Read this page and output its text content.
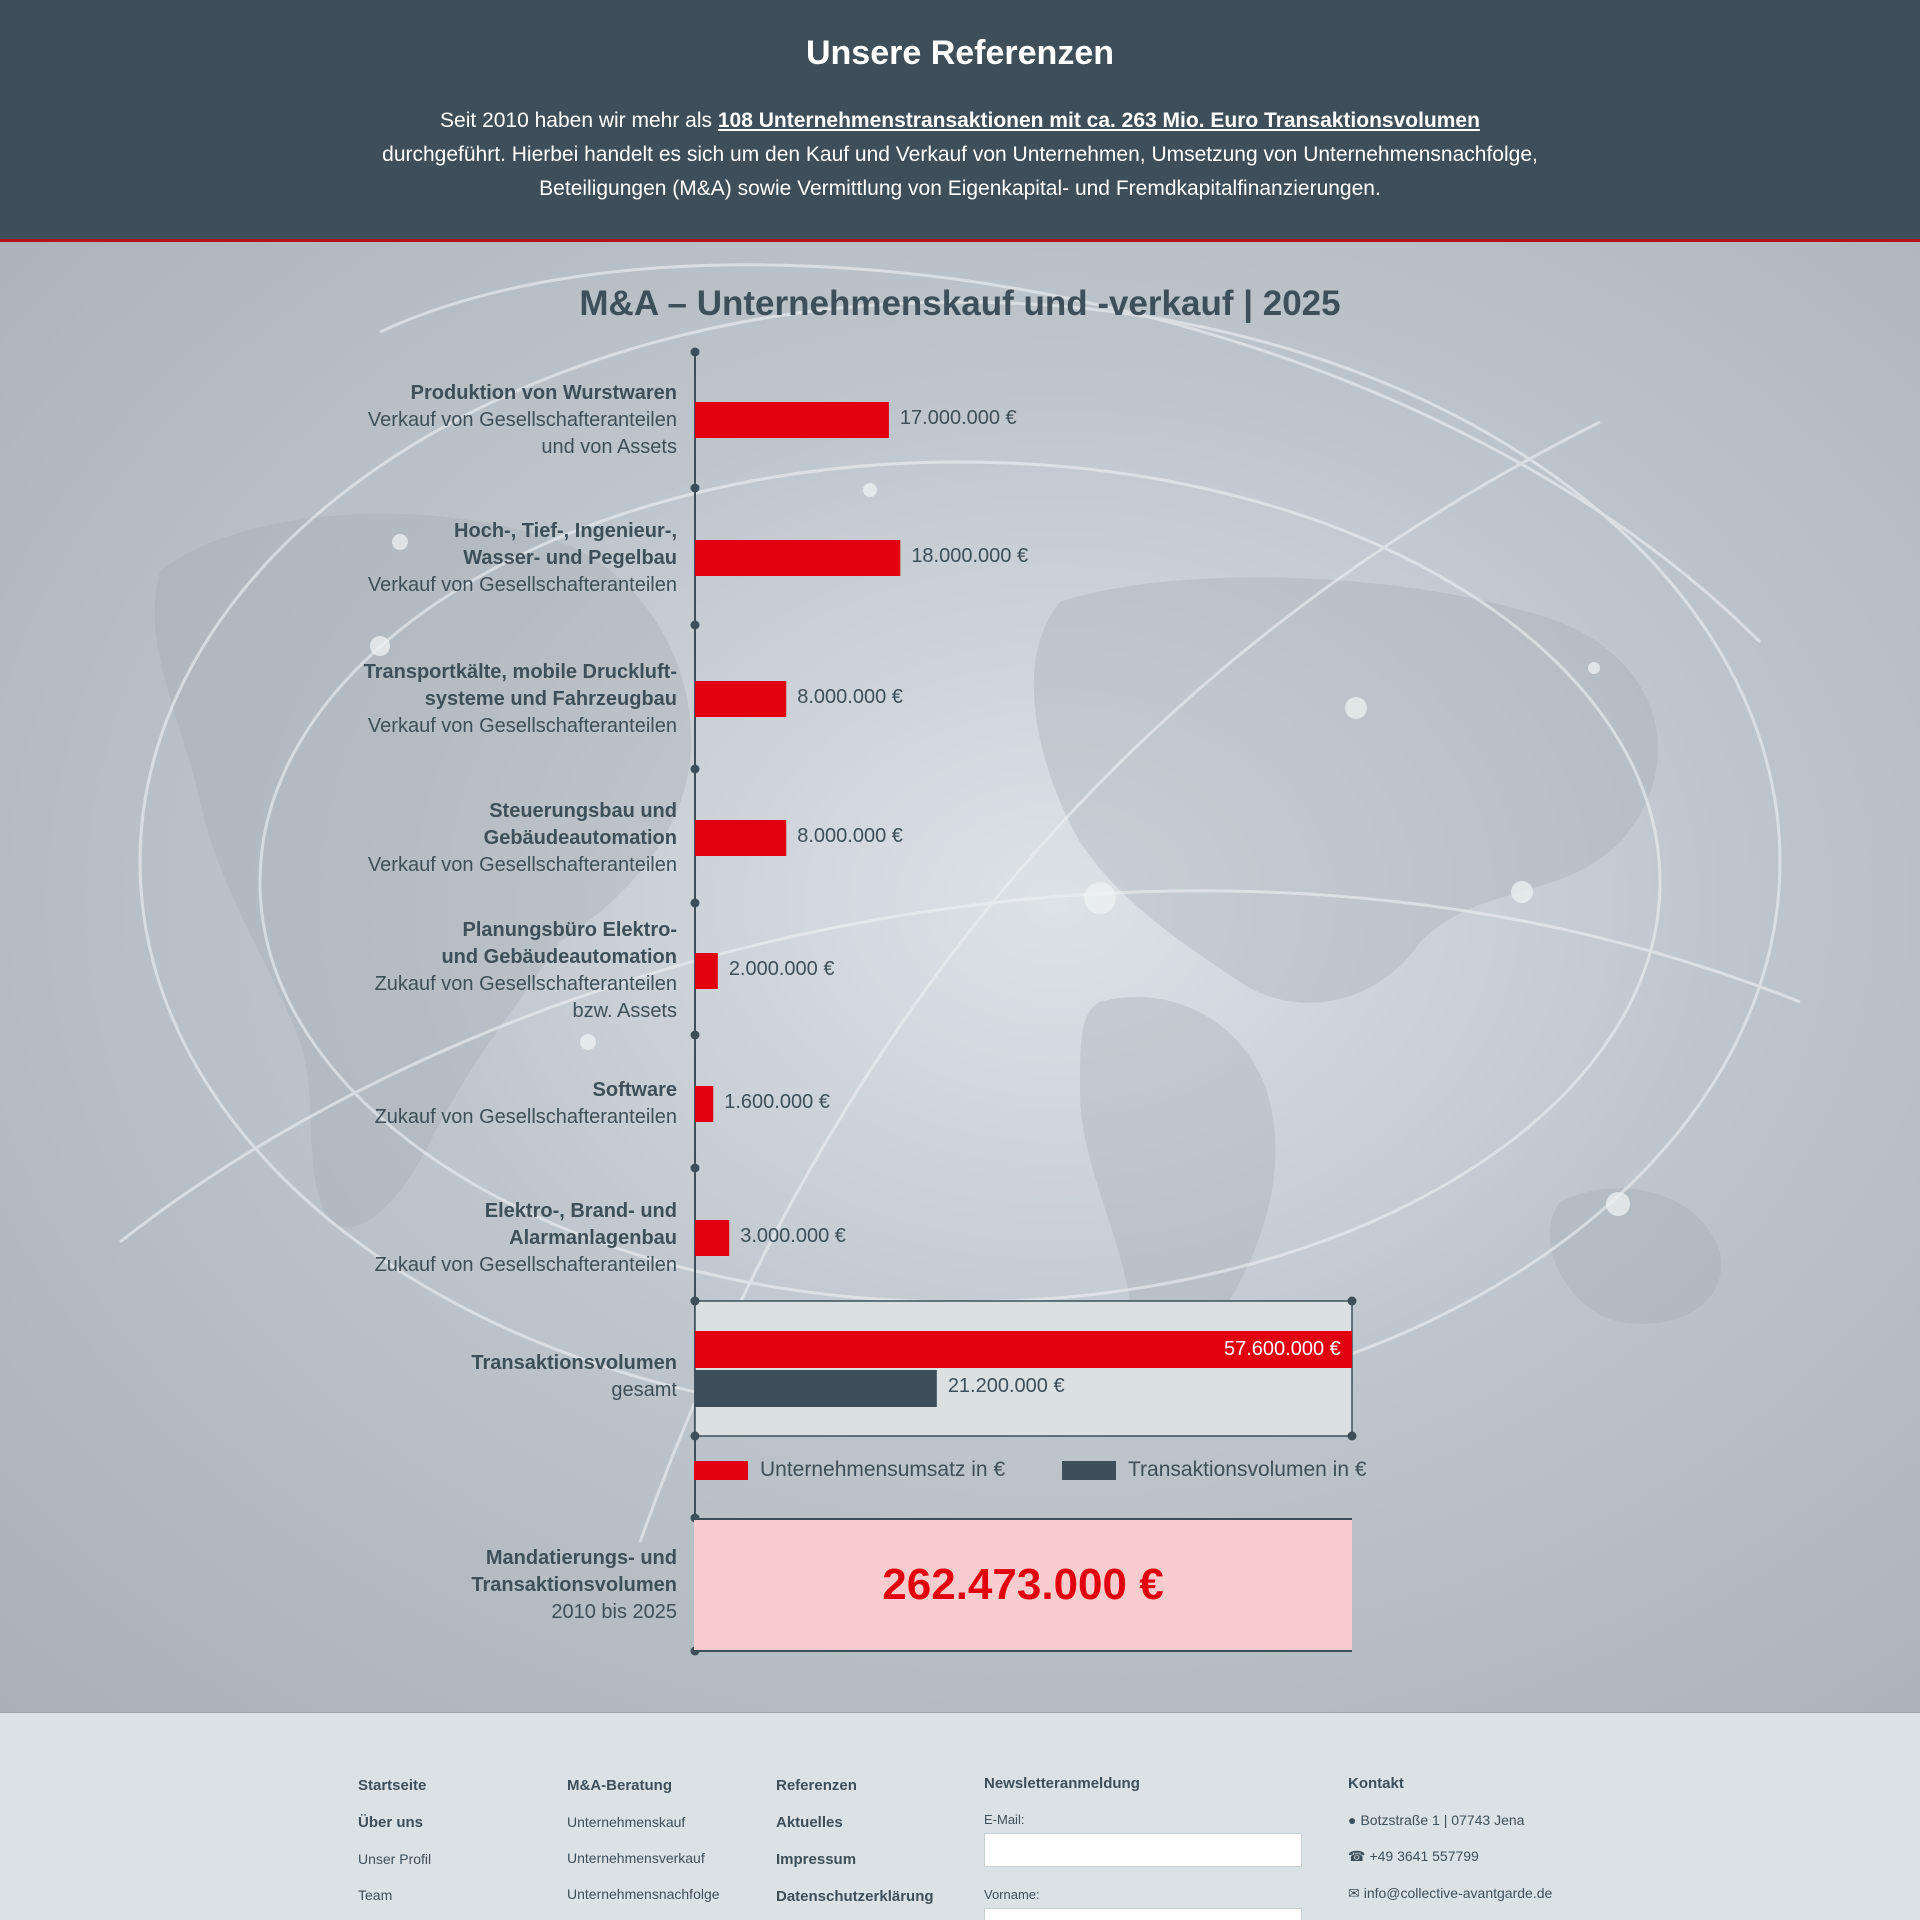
Unsere Referenzen

Seit 2010 haben wir mehr als 108 Unternehmenstransaktionen mit ca. 263 Mio. Euro Transaktionsvolumen durchgeführt. Hierbei handelt es sich um den Kauf und Verkauf von Unternehmen, Umsetzung von Unternehmensnachfolge, Beteiligungen (M&A) sowie Vermittlung von Eigenkapital- und Fremdkapitalfinanzierungen.

M&A – Unternehmenskauf und -verkauf | 2025
17.000.000 €
Produktion von Wurstwaren
Verkauf von Gesellschafteranteilen
und von Assets
18.000.000 €
Hoch-, Tief-, Ingenieur-,
Wasser- und Pegelbau
Verkauf von Gesellschafteranteilen
8.000.000 €
Transportkälte, mobile Druckluft-
systeme und Fahrzeugbau
Verkauf von Gesellschafteranteilen
8.000.000 €
Steuerungsbau und
Gebäudeautomation
Verkauf von Gesellschafteranteilen
2.000.000 €
Planungsbüro Elektro-
und Gebäudeautomation
Zukauf von Gesellschafteranteilen
bzw. Assets
1.600.000 €
Software
Zukauf von Gesellschafteranteilen
3.000.000 €
Elektro-, Brand- und
Alarmanlagenbau
Zukauf von Gesellschafteranteilen
57.600.000 €
21.200.000 €
Transaktionsvolumen
gesamt
Mandatierungs- und
Transaktionsvolumen
2010 bis 2025
Unternehmensumsatz in €	Transaktionsvolumen in €
262.473.000 €
Startseite
Über uns
Unser Profil
Team
M&A-Beratung
Unternehmenskauf
Unternehmensverkauf
Unternehmensnachfolge
Referenzen
Aktuelles
Impressum
Datenschutzerklärung
Newsletteranmeldung
E-Mail:
Vorname:
Kontakt
● Botzstraße 1 | 07743 Jena
☎ +49 3641 557799
✉ info@collective-avantgarde.de
